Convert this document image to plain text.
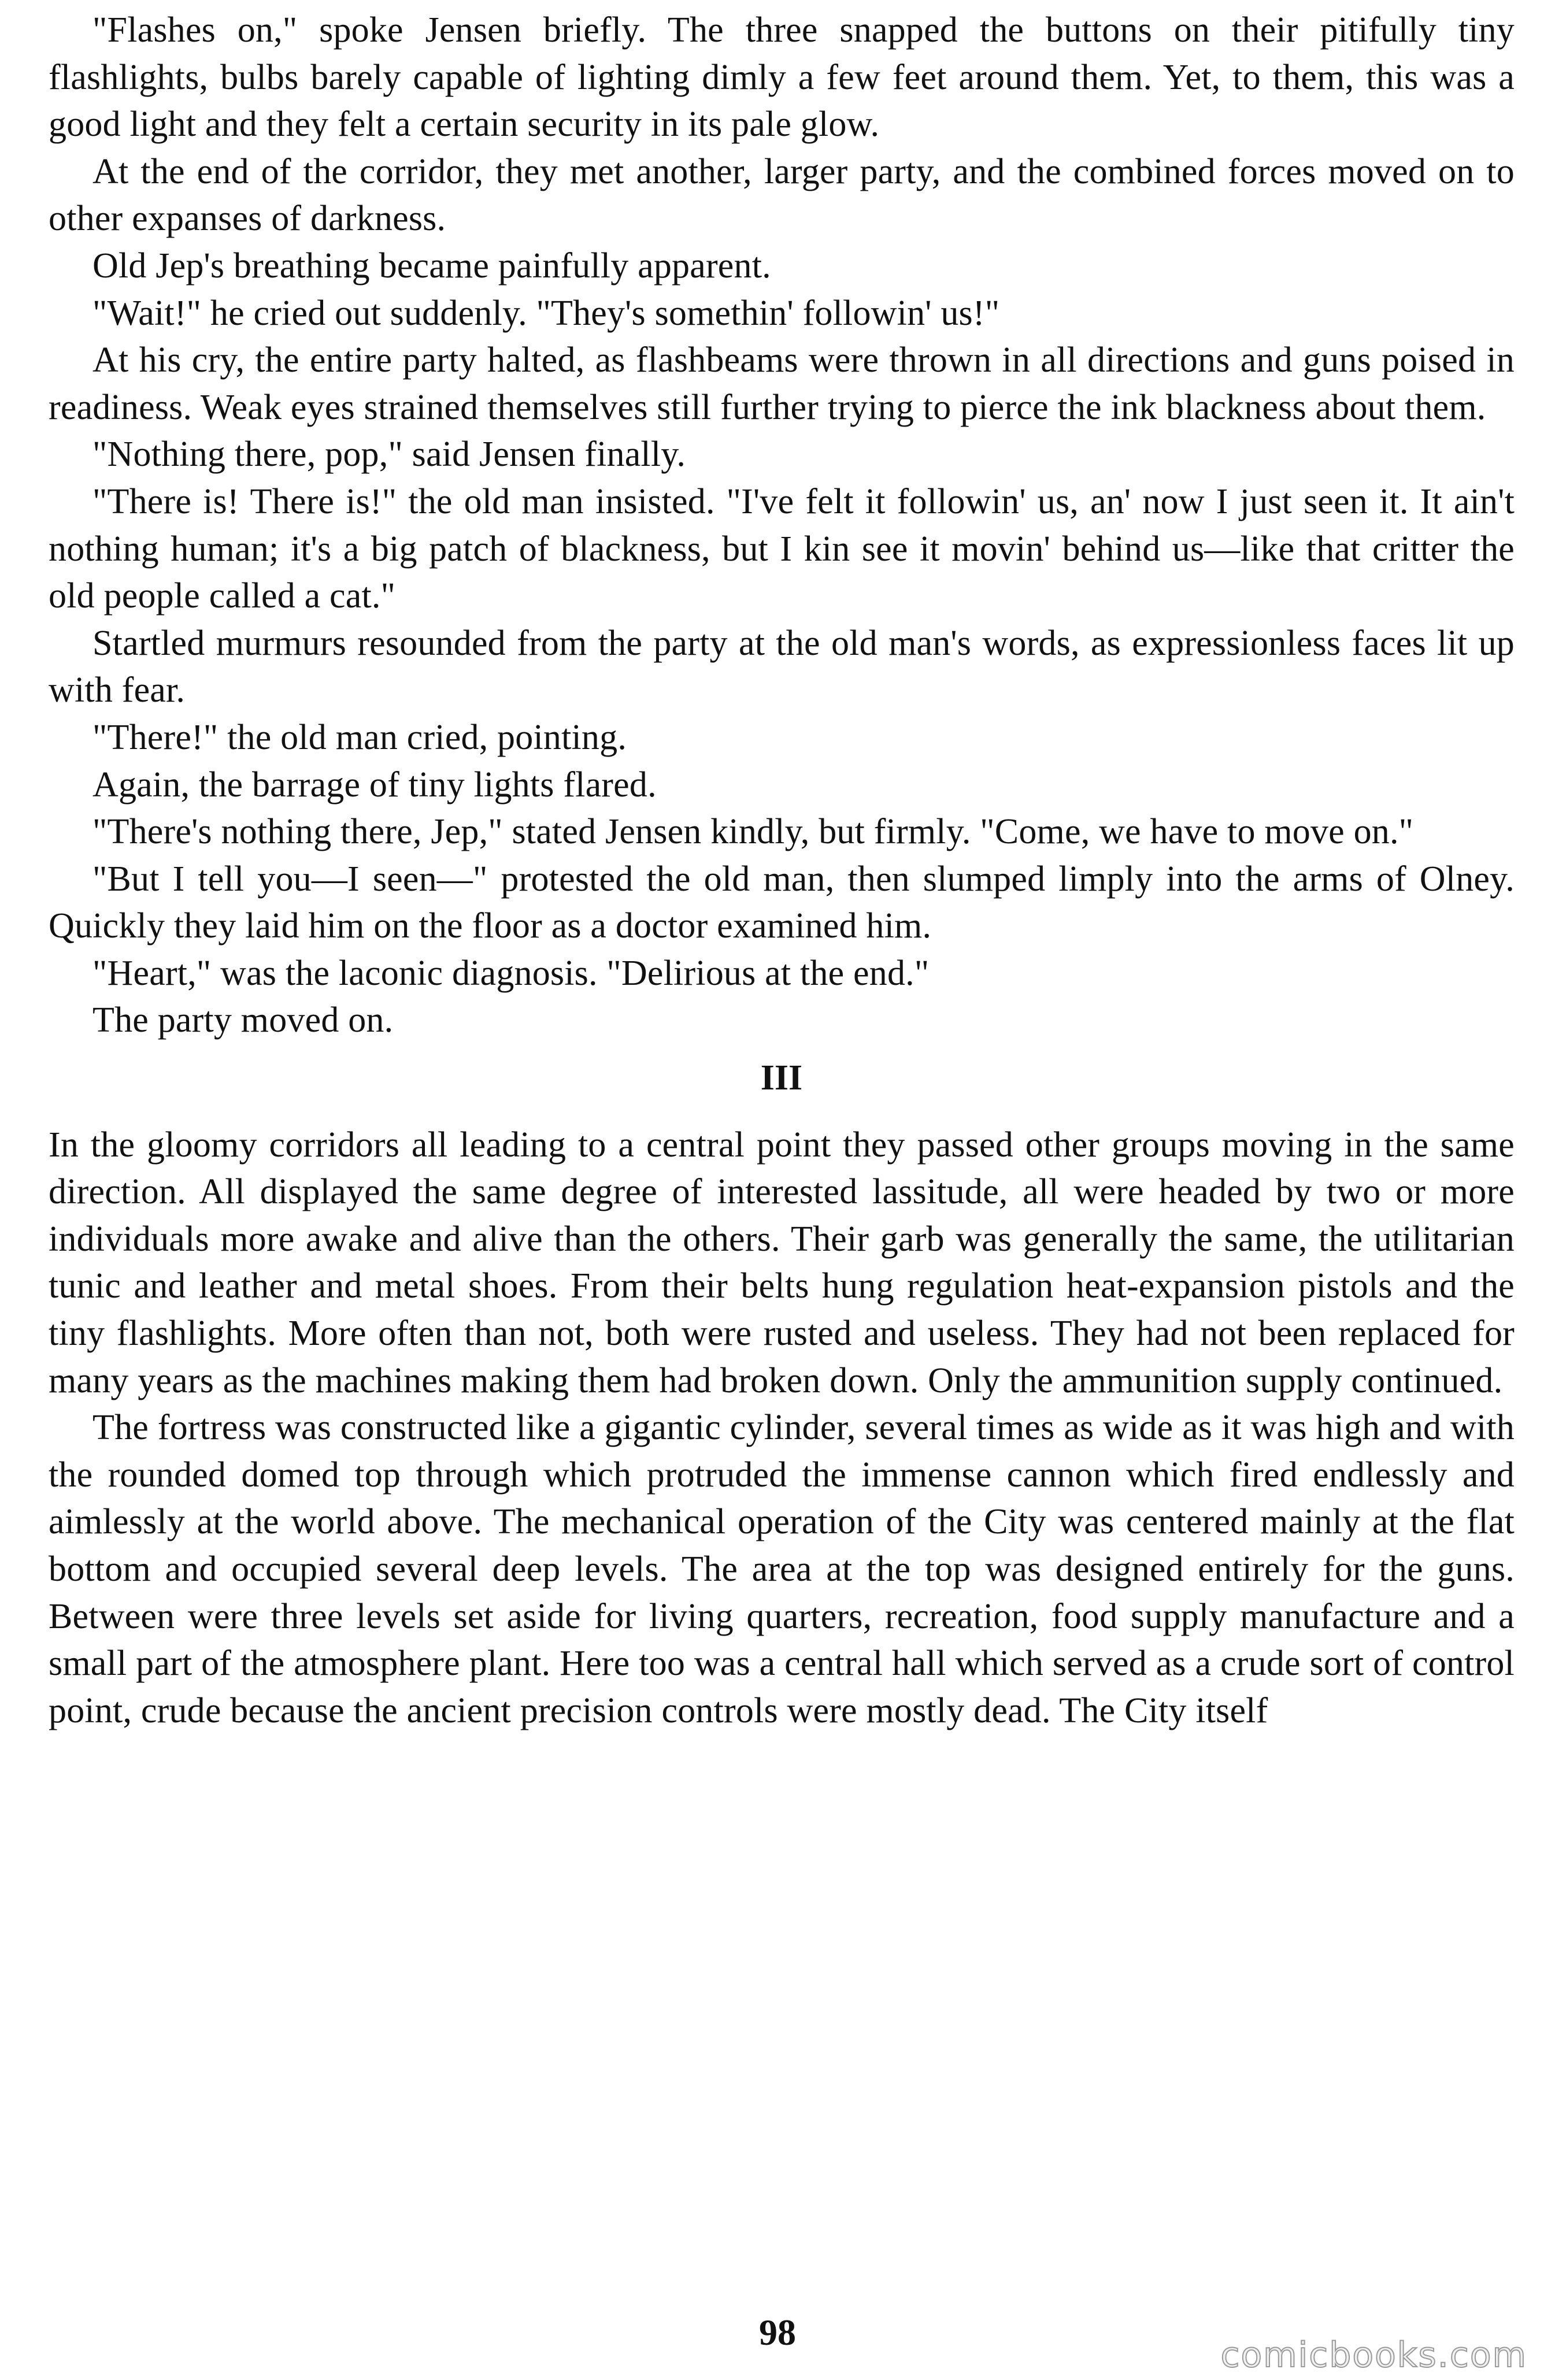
"Flashes on," spoke Jensen briefly. The three snapped the buttons on their pitifully tiny flashlights, bulbs barely capable of lighting dimly a few feet around them. Yet, to them, this was a good light and they felt a certain security in its pale glow.

At the end of the corridor, they met another, larger party, and the combined forces moved on to other expanses of darkness.

Old Jep's breathing became painfully apparent.

"Wait!" he cried out suddenly. "They's somethin' followin' us!"

At his cry, the entire party halted, as flashbeams were thrown in all directions and guns poised in readiness. Weak eyes strained themselves still further trying to pierce the ink blackness about them.

"Nothing there, pop," said Jensen finally.

"There is! There is!" the old man insisted. "I've felt it followin' us, an' now I just seen it. It ain't nothing human; it's a big patch of blackness, but I kin see it movin' behind us—like that critter the old people called a cat."

Startled murmurs resounded from the party at the old man's words, as expressionless faces lit up with fear.

"There!" the old man cried, pointing.

Again, the barrage of tiny lights flared.

"There's nothing there, Jep," stated Jensen kindly, but firmly. "Come, we have to move on."

"But I tell you—I seen—" protested the old man, then slumped limply into the arms of Olney. Quickly they laid him on the floor as a doctor examined him.

"Heart," was the laconic diagnosis. "Delirious at the end."

The party moved on.

III

In the gloomy corridors all leading to a central point they passed other groups moving in the same direction. All displayed the same degree of interested lassitude, all were headed by two or more individuals more awake and alive than the others. Their garb was generally the same, the utilitarian tunic and leather and metal shoes. From their belts hung regulation heat-expansion pistols and the tiny flashlights. More often than not, both were rusted and useless. They had not been replaced for many years as the machines making them had broken down. Only the ammunition supply continued.

The fortress was constructed like a gigantic cylinder, several times as wide as it was high and with the rounded domed top through which protruded the immense cannon which fired endlessly and aimlessly at the world above. The mechanical operation of the City was centered mainly at the flat bottom and occupied several deep levels. The area at the top was designed entirely for the guns. Between were three levels set aside for living quarters, recreation, food supply manufacture and a small part of the atmosphere plant. Here too was a central hall which served as a crude sort of control point, crude because the ancient precision controls were mostly dead. The City itself

98
comicbooks.com
